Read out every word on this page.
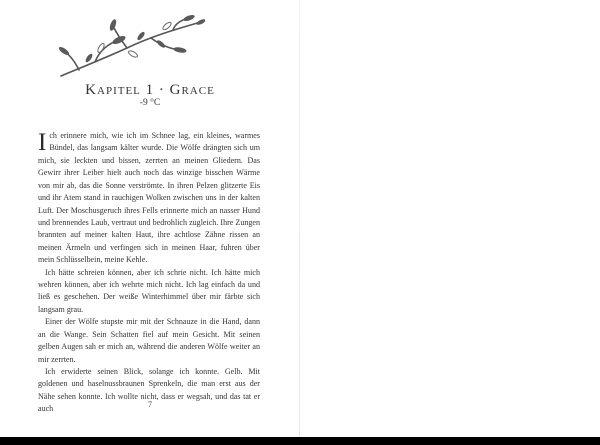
Kapitel 1 · Grace
-9 °C

Ich erinnere mich, wie ich im Schnee lag, ein kleines, warmes Bündel, das langsam kälter wurde. Die Wölfe drängten sich um mich, sie leckten und bissen, zerrten an meinen Gliedern. Das Gewirr ihrer Leiber hielt auch noch das winzige bisschen Wärme von mir ab, das die Sonne verströmte. In ihren Pelzen glitzerte Eis und ihr Atem stand in rauchigen Wolken zwischen uns in der kalten Luft. Der Moschusgeruch ihres Fells erinnerte mich an nasser Hund und brennendes Laub, vertraut und bedrohlich zugleich. Ihre Zungen brannten auf meiner kalten Haut, ihre achtlose Zähne rissen an meinen Ärmeln und verfingen sich in meinen Haar, fuhren über mein Schlüsselbein, meine Kehle.

Ich hätte schreien können, aber ich schrie nicht. Ich hätte mich wehren können, aber ich wehrte mich nicht. Ich lag einfach da und ließ es geschehen. Der weiße Winterhimmel über mir färbte sich langsam grau.

Einer der Wölfe stupste mir mit der Schnauze in die Hand, dann an die Wange. Sein Schatten fiel auf mein Gesicht. Mit seinen gelben Augen sah er mich an, während die anderen Wölfe weiter an mir zerrten.

Ich erwiderte seinen Blick, solange ich konnte. Gelb. Mit goldenen und haselnussbraunen Sprenkeln, die man erst aus der Nähe sehen konnte. Ich wollte nicht, dass er wegsah, und das tat er auch	7
